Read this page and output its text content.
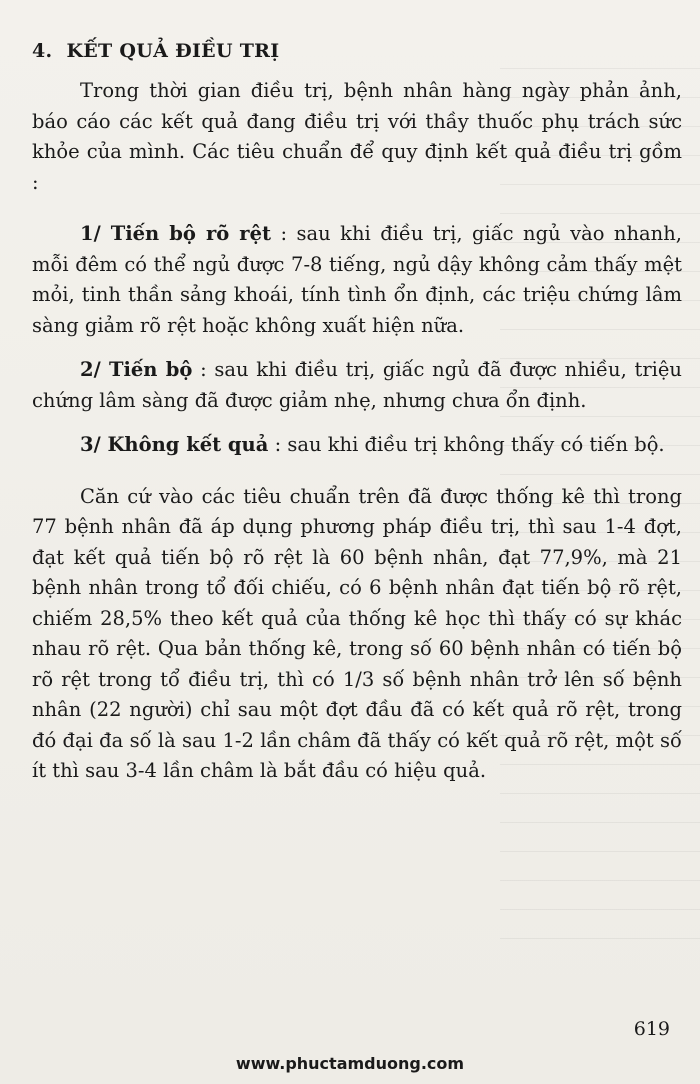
4. KẾT QUẢ ĐIỀU TRỊ

Trong thời gian điều trị, bệnh nhân hàng ngày phản ảnh, báo cáo các kết quả đang điều trị với thầy thuốc phụ trách sức khỏe của mình. Các tiêu chuẩn để quy định kết quả điều trị gồm :

1/ Tiến bộ rõ rệt : sau khi điều trị, giấc ngủ vào nhanh, mỗi đêm có thể ngủ được 7-8 tiếng, ngủ dậy không cảm thấy mệt mỏi, tinh thần sảng khoái, tính tình ổn định, các triệu chứng lâm sàng giảm rõ rệt hoặc không xuất hiện nữa.

2/ Tiến bộ : sau khi điều trị, giấc ngủ đã được nhiều, triệu chứng lâm sàng đã được giảm nhẹ, nhưng chưa ổn định.

3/ Không kết quả : sau khi điều trị không thấy có tiến bộ.

Căn cứ vào các tiêu chuẩn trên đã được thống kê thì trong 77 bệnh nhân đã áp dụng phương pháp điều trị, thì sau 1-4 đợt, đạt kết quả tiến bộ rõ rệt là 60 bệnh nhân, đạt 77,9%, mà 21 bệnh nhân trong tổ đối chiếu, có 6 bệnh nhân đạt tiến bộ rõ rệt, chiếm 28,5% theo kết quả của thống kê học thì thấy có sự khác nhau rõ rệt. Qua bản thống kê, trong số 60 bệnh nhân có tiến bộ rõ rệt trong tổ điều trị, thì có 1/3 số bệnh nhân trở lên số bệnh nhân (22 người) chỉ sau một đợt đầu đã có kết quả rõ rệt, trong đó đại đa số là sau 1-2 lần châm đã thấy có kết quả rõ rệt, một số ít thì sau 3-4 lần châm là bắt đầu có hiệu quả.

619
www.phuctamduong.com
